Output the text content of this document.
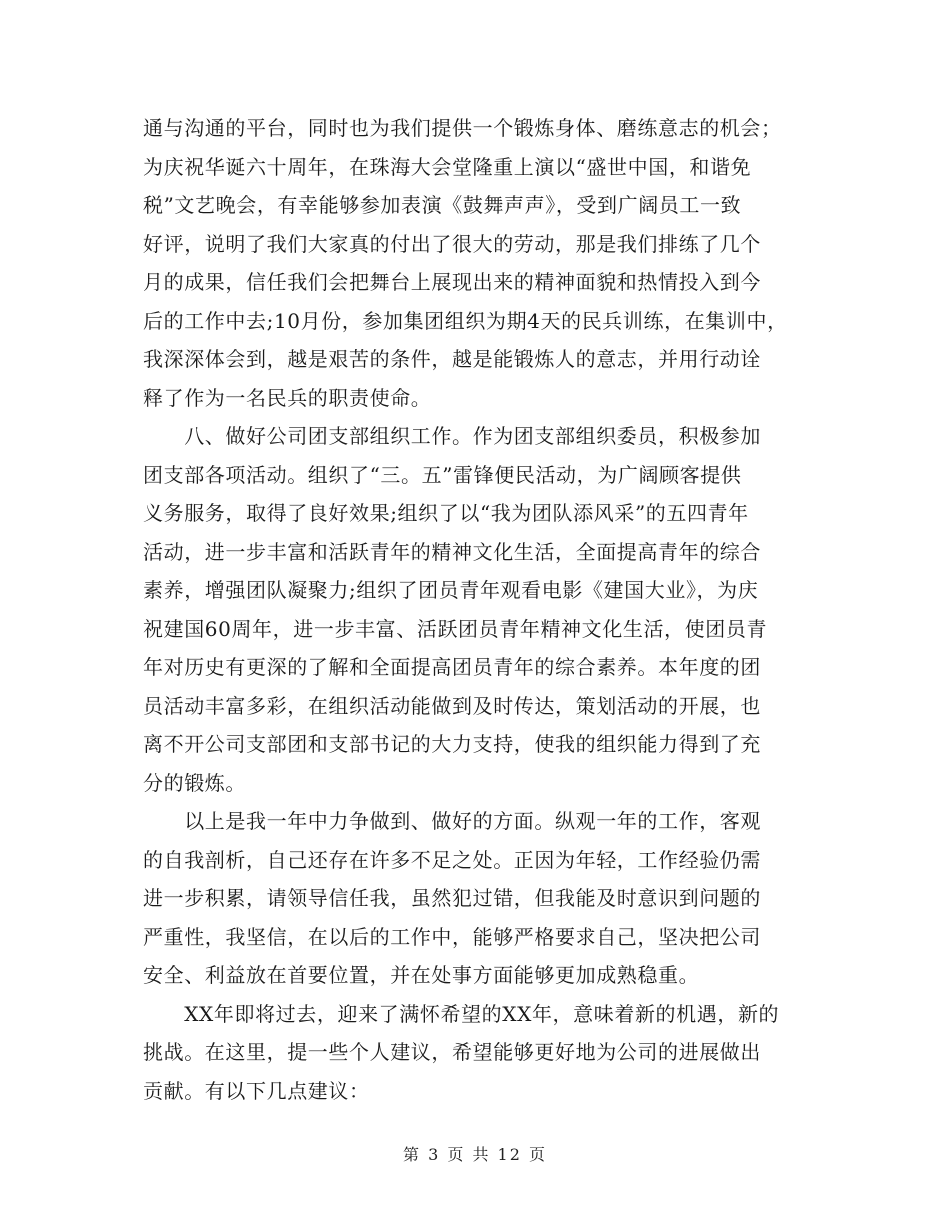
通与沟通的平台，同时也为我们提供一个锻炼身体、磨练意志的机会；
为庆祝华诞六十周年，在珠海大会堂隆重上演以“盛世中国，和谐免
税”文艺晚会，有幸能够参加表演《鼓舞声声》，受到广阔员工一致
好评，说明了我们大家真的付出了很大的劳动，那是我们排练了几个
月的成果，信任我们会把舞台上展现出来的精神面貌和热情投入到今
后的工作中去;10月份，参加集团组织为期4天的民兵训练，在集训中，
我深深体会到，越是艰苦的条件，越是能锻炼人的意志，并用行动诠
释了作为一名民兵的职责使命。
　　八、做好公司团支部组织工作。作为团支部组织委员，积极参加
团支部各项活动。组织了“三。五”雷锋便民活动，为广阔顾客提供
义务服务，取得了良好效果;组织了以“我为团队添风采”的五四青年
活动，进一步丰富和活跃青年的精神文化生活，全面提高青年的综合
素养，增强团队凝聚力;组织了团员青年观看电影《建国大业》，为庆
祝建国60周年，进一步丰富、活跃团员青年精神文化生活，使团员青
年对历史有更深的了解和全面提高团员青年的综合素养。本年度的团
员活动丰富多彩，在组织活动能做到及时传达，策划活动的开展，也
离不开公司支部团和支部书记的大力支持，使我的组织能力得到了充
分的锻炼。
　　以上是我一年中力争做到、做好的方面。纵观一年的工作，客观
的自我剖析，自己还存在许多不足之处。正因为年轻，工作经验仍需
进一步积累，请领导信任我，虽然犯过错，但我能及时意识到问题的
严重性，我坚信，在以后的工作中，能够严格要求自己，坚决把公司
安全、利益放在首要位置，并在处事方面能够更加成熟稳重。
　　XX年即将过去，迎来了满怀希望的XX年，意味着新的机遇，新的
挑战。在这里，提一些个人建议，希望能够更好地为公司的进展做出
贡献。有以下几点建议：
第 3 页 共 12 页
